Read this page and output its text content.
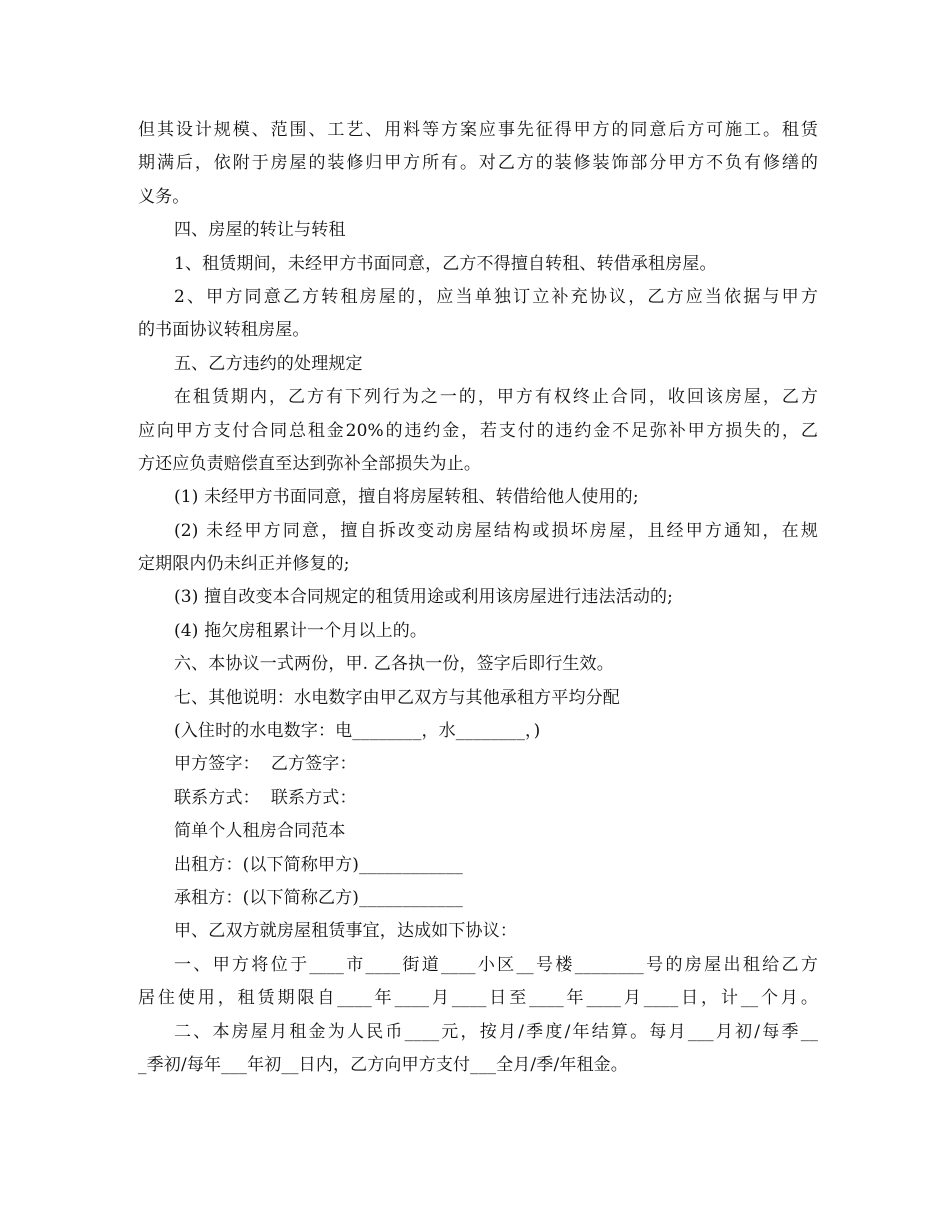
但其设计规模、范围、工艺、用料等方案应事先征得甲方的同意后方可施工。租赁
期满后，依附于房屋的装修归甲方所有。对乙方的装修装饰部分甲方不负有修缮的
义务。
四、房屋的转让与转租
1、租赁期间，未经甲方书面同意，乙方不得擅自转租、转借承租房屋。
2、甲方同意乙方转租房屋的，应当单独订立补充协议，乙方应当依据与甲方
的书面协议转租房屋。
五、乙方违约的处理规定
在租赁期内，乙方有下列行为之一的，甲方有权终止合同，收回该房屋，乙方
应向甲方支付合同总租金20%的违约金，若支付的违约金不足弥补甲方损失的，乙
方还应负责赔偿直至达到弥补全部损失为止。
(1) 未经甲方书面同意，擅自将房屋转租、转借给他人使用的;
(2) 未经甲方同意，擅自拆改变动房屋结构或损坏房屋，且经甲方通知，在规
定期限内仍未纠正并修复的;
(3) 擅自改变本合同规定的租赁用途或利用该房屋进行违法活动的;
(4) 拖欠房租累计一个月以上的。
六、本协议一式两份，甲. 乙各执一份，签字后即行生效。
七、其他说明：水电数字由甲乙双方与其他承租方平均分配
(入住时的水电数字：电________，水________，)
甲方签字：  乙方签字：
联系方式：  联系方式：
简单个人租房合同范本
出租方：(以下简称甲方)____________
承租方：(以下简称乙方)____________
甲、乙双方就房屋租赁事宜，达成如下协议：
一、甲方将位于____市____街道____小区__号楼________号的房屋出租给乙方
居住使用，租赁期限自____年____月____日至____年____月____日，计__个月。
二、本房屋月租金为人民币____元，按月/季度/年结算。每月___月初/每季__
_季初/每年___年初__日内，乙方向甲方支付___全月/季/年租金。
